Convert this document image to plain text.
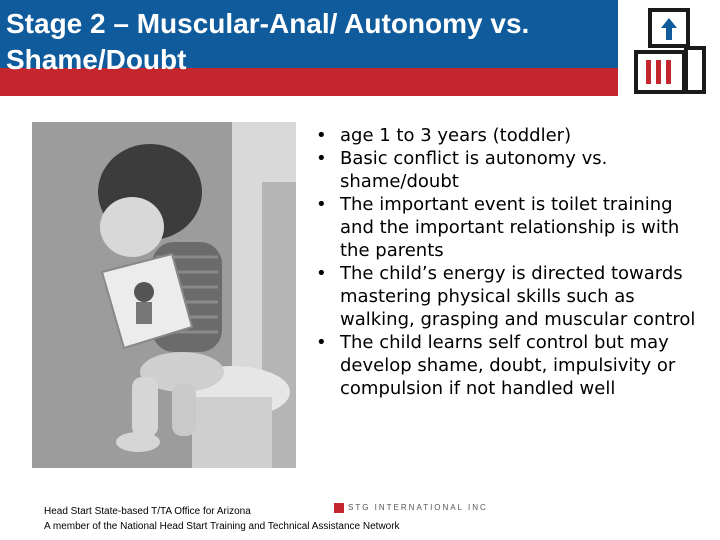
Stage 2 – Muscular-Anal/ Autonomy vs.
Shame/Doubt
• age 1 to 3 years (toddler)
• Basic conflict is autonomy vs. shame/doubt
• The important event is toilet training and the important relationship is with the parents
• The child’s energy is directed towards mastering physical skills such as walking, grasping and muscular control
• The child learns self control but may develop shame, doubt, impulsivity or compulsion if not handled well
STG INTERNATIONAL INC
Head Start State-based T/TA Office for Arizona
A member of the National Head Start Training and Technical Assistance Network
